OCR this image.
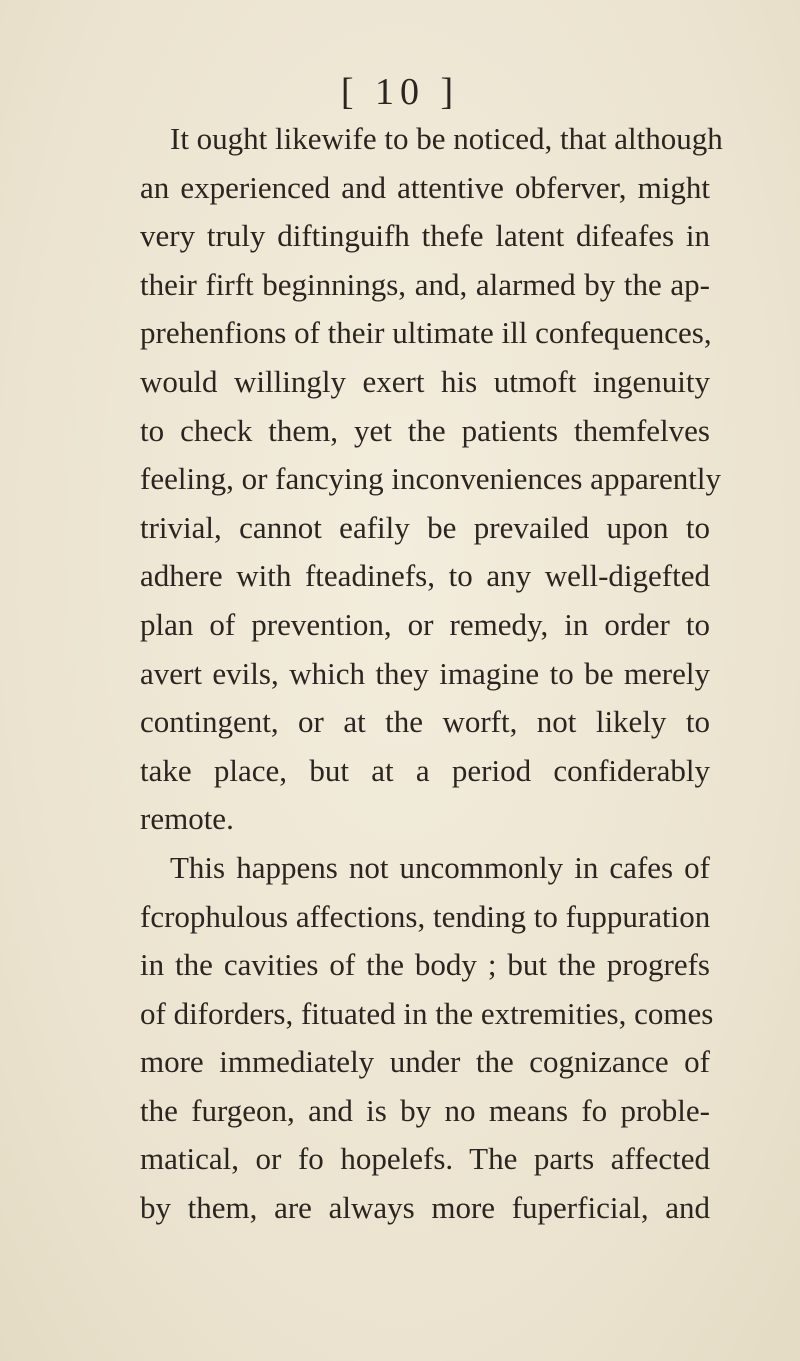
[ 10 ]
It ought likewife to be noticed, that although
an experienced and attentive obferver, might
very truly diftinguifh thefe latent difeafes in
their firft beginnings, and, alarmed by the ap-
prehenfions of their ultimate ill confequences,
would willingly exert his utmoft ingenuity
to check them, yet the patients themfelves
feeling, or fancying inconveniences apparently
trivial, cannot eafily be prevailed upon to
adhere with fteadinefs, to any well-digefted
plan of prevention, or remedy, in order to
avert evils, which they imagine to be merely
contingent, or at the worft, not likely to
take place, but at a period confiderably
remote.
This happens not uncommonly in cafes of
fcrophulous affections, tending to fuppuration
in the cavities of the body ; but the progrefs
of diforders, fituated in the extremities, comes
more immediately under the cognizance of
the furgeon, and is by no means fo proble-
matical, or fo hopelefs. The parts affected
by them, are always more fuperficial, and
